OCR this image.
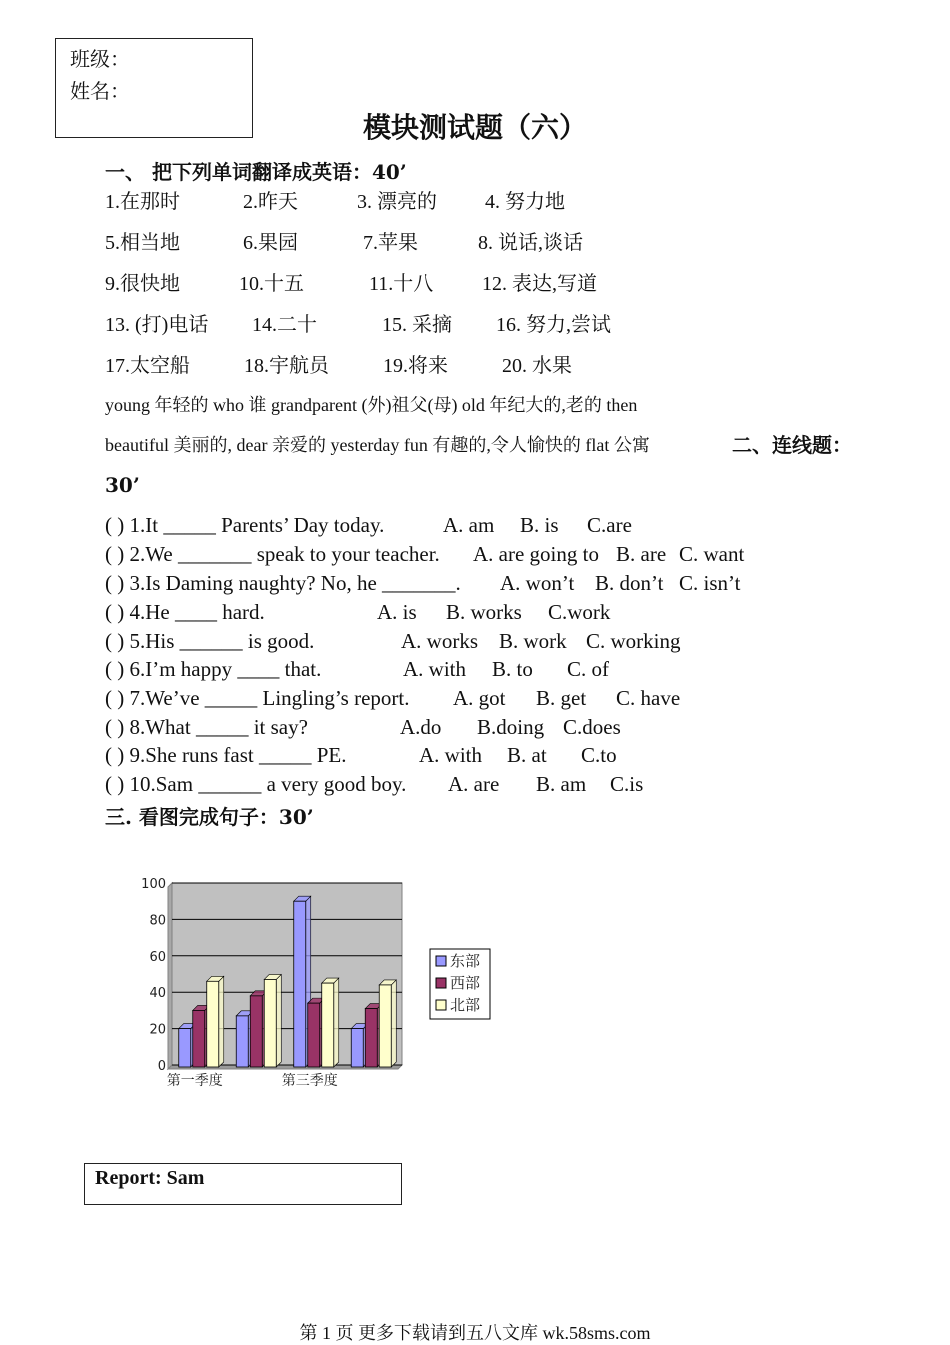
班级：
姓名：
模块测试题（六）
一、 把下列单词翻译成英语：40’
1.在那时	2.昨天	3. 漂亮的 4. 努力地
5.相当地	6.果园	7.苹果	8. 说话,谈话
9.很快地	10.十五	11.十八 12. 表达,写道
13. (打)电话 14.二十	15. 采摘 16. 努力,尝试
17.太空船	18.宇航员	19.将来	20. 水果
young 年轻的 who 谁 grandparent (外)祖父(母) old 年纪大的,老的 then
beautiful 美丽的, dear 亲爱的 yesterday fun 有趣的,令人愉快的 flat 公寓	二、连线题：
30’
( ) 1.It _____ Parents’ Day today.	A. am B. is C.are
( ) 2.We _______ speak to your teacher. A. are going to B. are C. want
( ) 3.Is Daming naughty? No, he _______. A. won’t B. don’t C. isn’t
( ) 4.He ____ hard.	A. is B. works C.work
( ) 5.His ______ is good.	A. works B. work C. working
( ) 6.I’m happy ____ that.	A. with B. to C. of
( ) 7.We’ve _____ Lingling’s report. A. got B. get C. have
( ) 8.What _____ it say?	A.do B.doing C.does
( ) 9.She runs fast _____ PE.	A. with B. at C.to
( ) 10.Sam ______ a very good boy. A. are B. am C.is
三. 看图完成句子：30’
0
20
40
60
80
100
第一季度	第三季度
东部
西部
北部
Report: Sam
第 1 页 更多下载请到五八文库 wk.58sms.com
